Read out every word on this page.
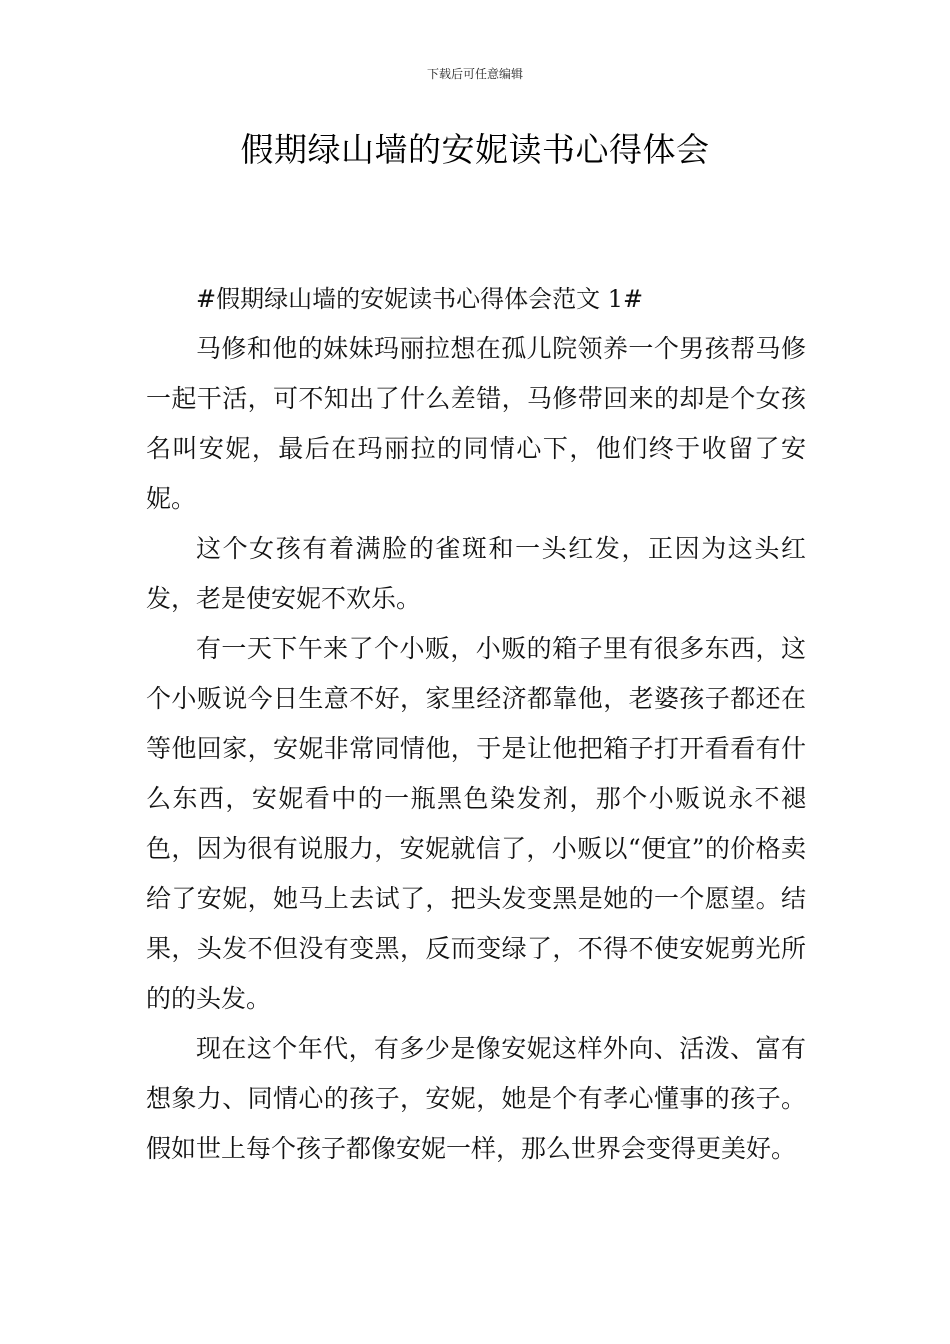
下载后可任意编辑
假期绿山墙的安妮读书心得体会

#假期绿山墙的安妮读书心得体会范文 1#

马修和他的妹妹玛丽拉想在孤儿院领养一个男孩帮马修一起干活，可不知出了什么差错，马修带回来的却是个女孩名叫安妮，最后在玛丽拉的同情心下，他们终于收留了安妮。

这个女孩有着满脸的雀斑和一头红发，正因为这头红发，老是使安妮不欢乐。

有一天下午来了个小贩，小贩的箱子里有很多东西，这个小贩说今日生意不好，家里经济都靠他，老婆孩子都还在等他回家，安妮非常同情他，于是让他把箱子打开看看有什么东西，安妮看中的一瓶黑色染发剂，那个小贩说永不褪色，因为很有说服力，安妮就信了，小贩以“便宜”的价格卖给了安妮，她马上去试了，把头发变黑是她的一个愿望。结果，头发不但没有变黑，反而变绿了，不得不使安妮剪光所的的头发。

现在这个年代，有多少是像安妮这样外向、活泼、富有想象力、同情心的孩子，安妮，她是个有孝心懂事的孩子。假如世上每个孩子都像安妮一样，那么世界会变得更美好。
